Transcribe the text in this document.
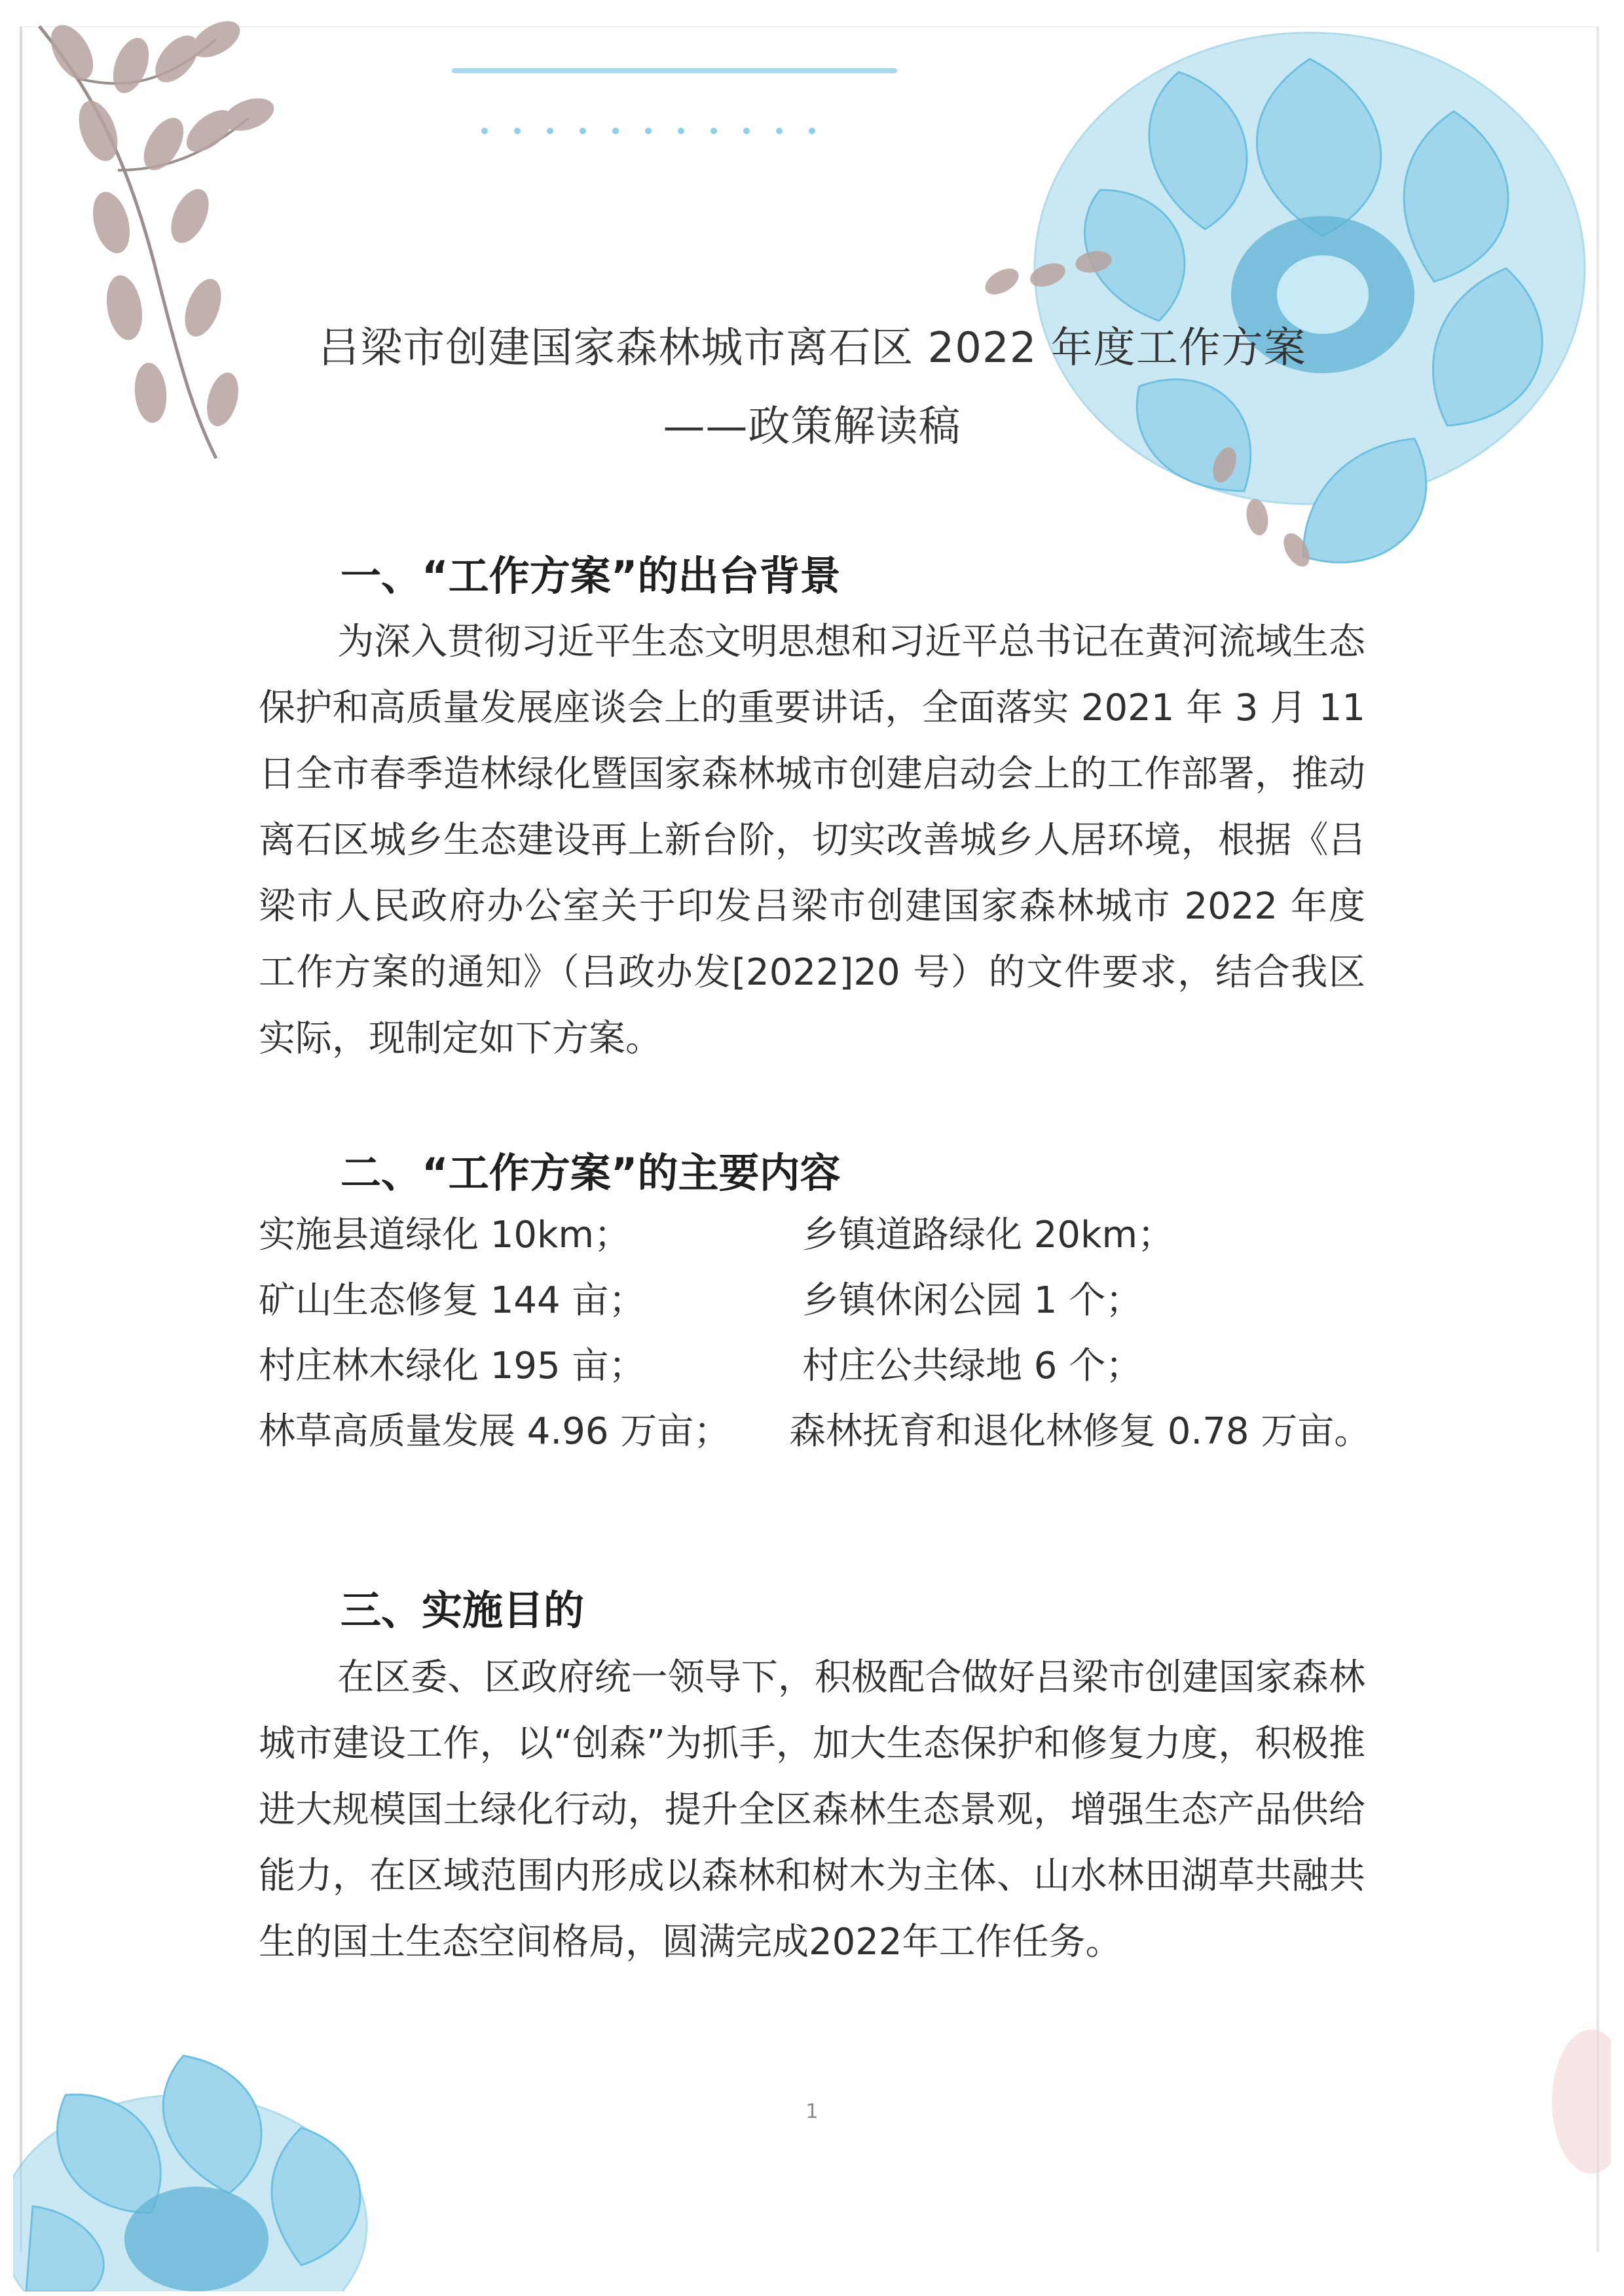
吕梁市创建国家森林城市离石区 2022 年度工作方案
——政策解读稿
一、“工作方案”的出台背景
为深入贯彻习近平生态文明思想和习近平总书记在黄河流域生态保护和高质量发展座谈会上的重要讲话，全面落实 2021 年 3 月 11 日全市春季造林绿化暨国家森林城市创建启动会上的工作部署，推动离石区城乡生态建设再上新台阶，切实改善城乡人居环境，根据《吕梁市人民政府办公室关于印发吕梁市创建国家森林城市 2022 年度工作方案的通知》（吕政办发[2022]20 号）的文件要求，结合我区实际，现制定如下方案。
二、“工作方案”的主要内容
实施县道绿化 10km；	乡镇道路绿化 20km；
矿山生态修复 144 亩；	乡镇休闲公园 1 个；
村庄林木绿化 195 亩；	村庄公共绿地 6 个；
林草高质量发展 4.96 万亩； 森林抚育和退化林修复 0.78 万亩。
三、实施目的
在区委、区政府统一领导下，积极配合做好吕梁市创建国家森林城市建设工作，以“创森”为抓手，加大生态保护和修复力度，积极推进大规模国土绿化行动，提升全区森林生态景观，增强生态产品供给能力，在区域范围内形成以森林和树木为主体、山水林田湖草共融共生的国土生态空间格局，圆满完成2022年工作任务。
1
